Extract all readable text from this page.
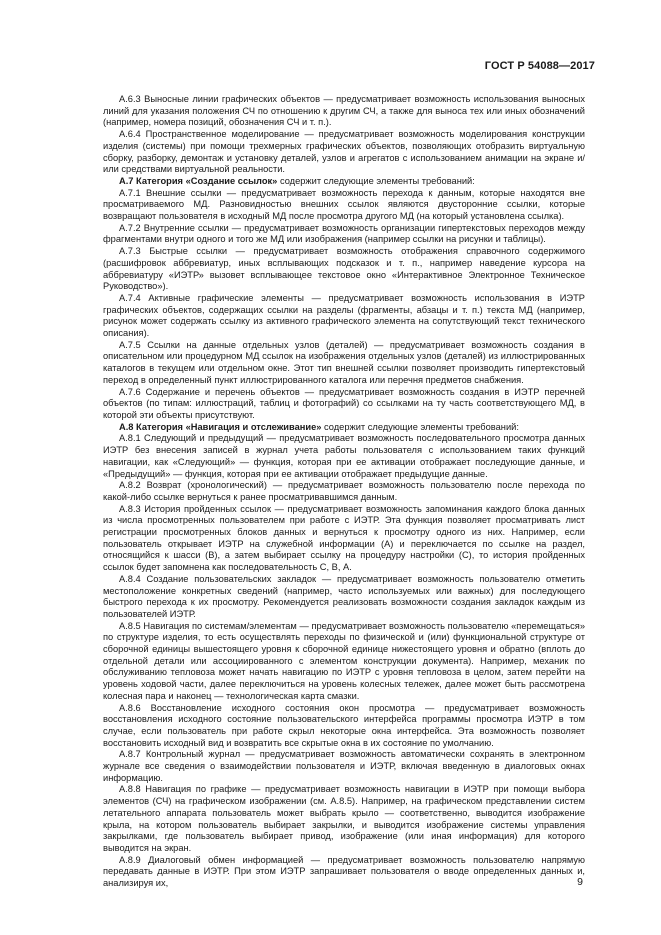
ГОСТ Р 54088—2017

А.6.3 Выносные линии графических объектов — предусматривает возможность использования выносных линий для указания положения СЧ по отношению к другим СЧ, а также для выноса тех или иных обозначений (например, номера позиций, обозначения СЧ и т. п.).

А.6.4 Пространственное моделирование — предусматривает возможность моделирования конструкции изделия (системы) при помощи трехмерных графических объектов, позволяющих отобразить виртуальную сборку, разборку, демонтаж и установку деталей, узлов и агрегатов с использованием анимации на экране и/или средствами виртуальной реальности.

А.7 Категория «Создание ссылок» содержит следующие элементы требований:

А.7.1 Внешние ссылки — предусматривает возможность перехода к данным, которые находятся вне просматриваемого МД. Разновидностью внешних ссылок являются двусторонние ссылки, которые возвращают пользователя в исходный МД после просмотра другого МД (на который установлена ссылка).

А.7.2 Внутренние ссылки — предусматривает возможность организации гипертекстовых переходов между фрагментами внутри одного и того же МД или изображения (например ссылки на рисунки и таблицы).

А.7.3 Быстрые ссылки — предусматривает возможность отображения справочного содержимого (расшифровок аббревиатур, иных всплывающих подсказок и т. п., например наведение курсора на аббревиатуру «ИЭТР» вызовет всплывающее текстовое окно «Интерактивное Электронное Техническое Руководство»).

А.7.4 Активные графические элементы — предусматривает возможность использования в ИЭТР графических объектов, содержащих ссылки на разделы (фрагменты, абзацы и т. п.) текста МД (например, рисунок может содержать ссылку из активного графического элемента на сопутствующий текст технического описания).

А.7.5 Ссылки на данные отдельных узлов (деталей) — предусматривает возможность создания в описательном или процедурном МД ссылок на изображения отдельных узлов (деталей) из иллюстрированных каталогов в текущем или отдельном окне. Этот тип внешней ссылки позволяет производить гипертекстовый переход в определенный пункт иллюстрированного каталога или перечня предметов снабжения.

А.7.6 Содержание и перечень объектов — предусматривает возможность создания в ИЭТР перечней объектов (по типам: иллюстраций, таблиц и фотографий) со ссылками на ту часть соответствующего МД, в которой эти объекты присутствуют.

А.8 Категория «Навигация и отслеживание» содержит следующие элементы требований:

А.8.1 Следующий и предыдущий — предусматривает возможность последовательного просмотра данных ИЭТР без внесения записей в журнал учета работы пользователя с использованием таких функций навигации, как «Следующий» — функция, которая при ее активации отображает последующие данные, и «Предыдущий» — функция, которая при ее активации отображает предыдущие данные.

А.8.2 Возврат (хронологический) — предусматривает возможность пользователю после перехода по какой-либо ссылке вернуться к ранее просматривавшимся данным.

А.8.3 История пройденных ссылок — предусматривает возможность запоминания каждого блока данных из числа просмотренных пользователем при работе с ИЭТР. Эта функция позволяет просматривать лист регистрации просмотренных блоков данных и вернуться к просмотру одного из них. Например, если пользователь открывает ИЭТР на служебной информации (А) и переключается по ссылке на раздел, относящийся к шасси (В), а затем выбирает ссылку на процедуру настройки (С), то история пройденных ссылок будет запомнена как последовательность С, В, А.

А.8.4 Создание пользовательских закладок — предусматривает возможность пользователю отметить местоположение конкретных сведений (например, часто используемых или важных) для последующего быстрого перехода к их просмотру. Рекомендуется реализовать возможности создания закладок каждым из пользователей ИЭТР.

А.8.5 Навигация по системам/элементам — предусматривает возможность пользователю «перемещаться» по структуре изделия, то есть осуществлять переходы по физической и (или) функциональной структуре от сборочной единицы вышестоящего уровня к сборочной единице нижестоящего уровня и обратно (вплоть до отдельной детали или ассоциированного с элементом конструкции документа). Например, механик по обслуживанию тепловоза может начать навигацию по ИЭТР с уровня тепловоза в целом, затем перейти на уровень ходовой части, далее переключиться на уровень колесных тележек, далее может быть рассмотрена колесная пара и наконец — технологическая карта смазки.

А.8.6 Восстановление исходного состояния окон просмотра — предусматривает возможность восстановления исходного состояние пользовательского интерфейса программы просмотра ИЭТР в том случае, если пользователь при работе скрыл некоторые окна интерфейса. Эта возможность позволяет восстановить исходный вид и возвратить все скрытые окна в их состояние по умолчанию.

А.8.7 Контрольный журнал — предусматривает возможность автоматически сохранять в электронном журнале все сведения о взаимодействии пользователя и ИЭТР, включая введенную в диалоговых окнах информацию.

А.8.8 Навигация по графике — предусматривает возможность навигации в ИЭТР при помощи выбора элементов (СЧ) на графическом изображении (см. А.8.5). Например, на графическом представлении систем летательного аппарата пользователь может выбрать крыло — соответственно, выводится изображение крыла, на котором пользователь выбирает закрылки, и выводится изображение системы управления закрылками, где пользователь выбирает привод, изображение (или иная информация) для которого выводится на экран.

А.8.9 Диалоговый обмен информацией — предусматривает возможность пользователю напрямую передавать данные в ИЭТР. При этом ИЭТР запрашивает пользователя о вводе определенных данных и, анализируя их,	9
